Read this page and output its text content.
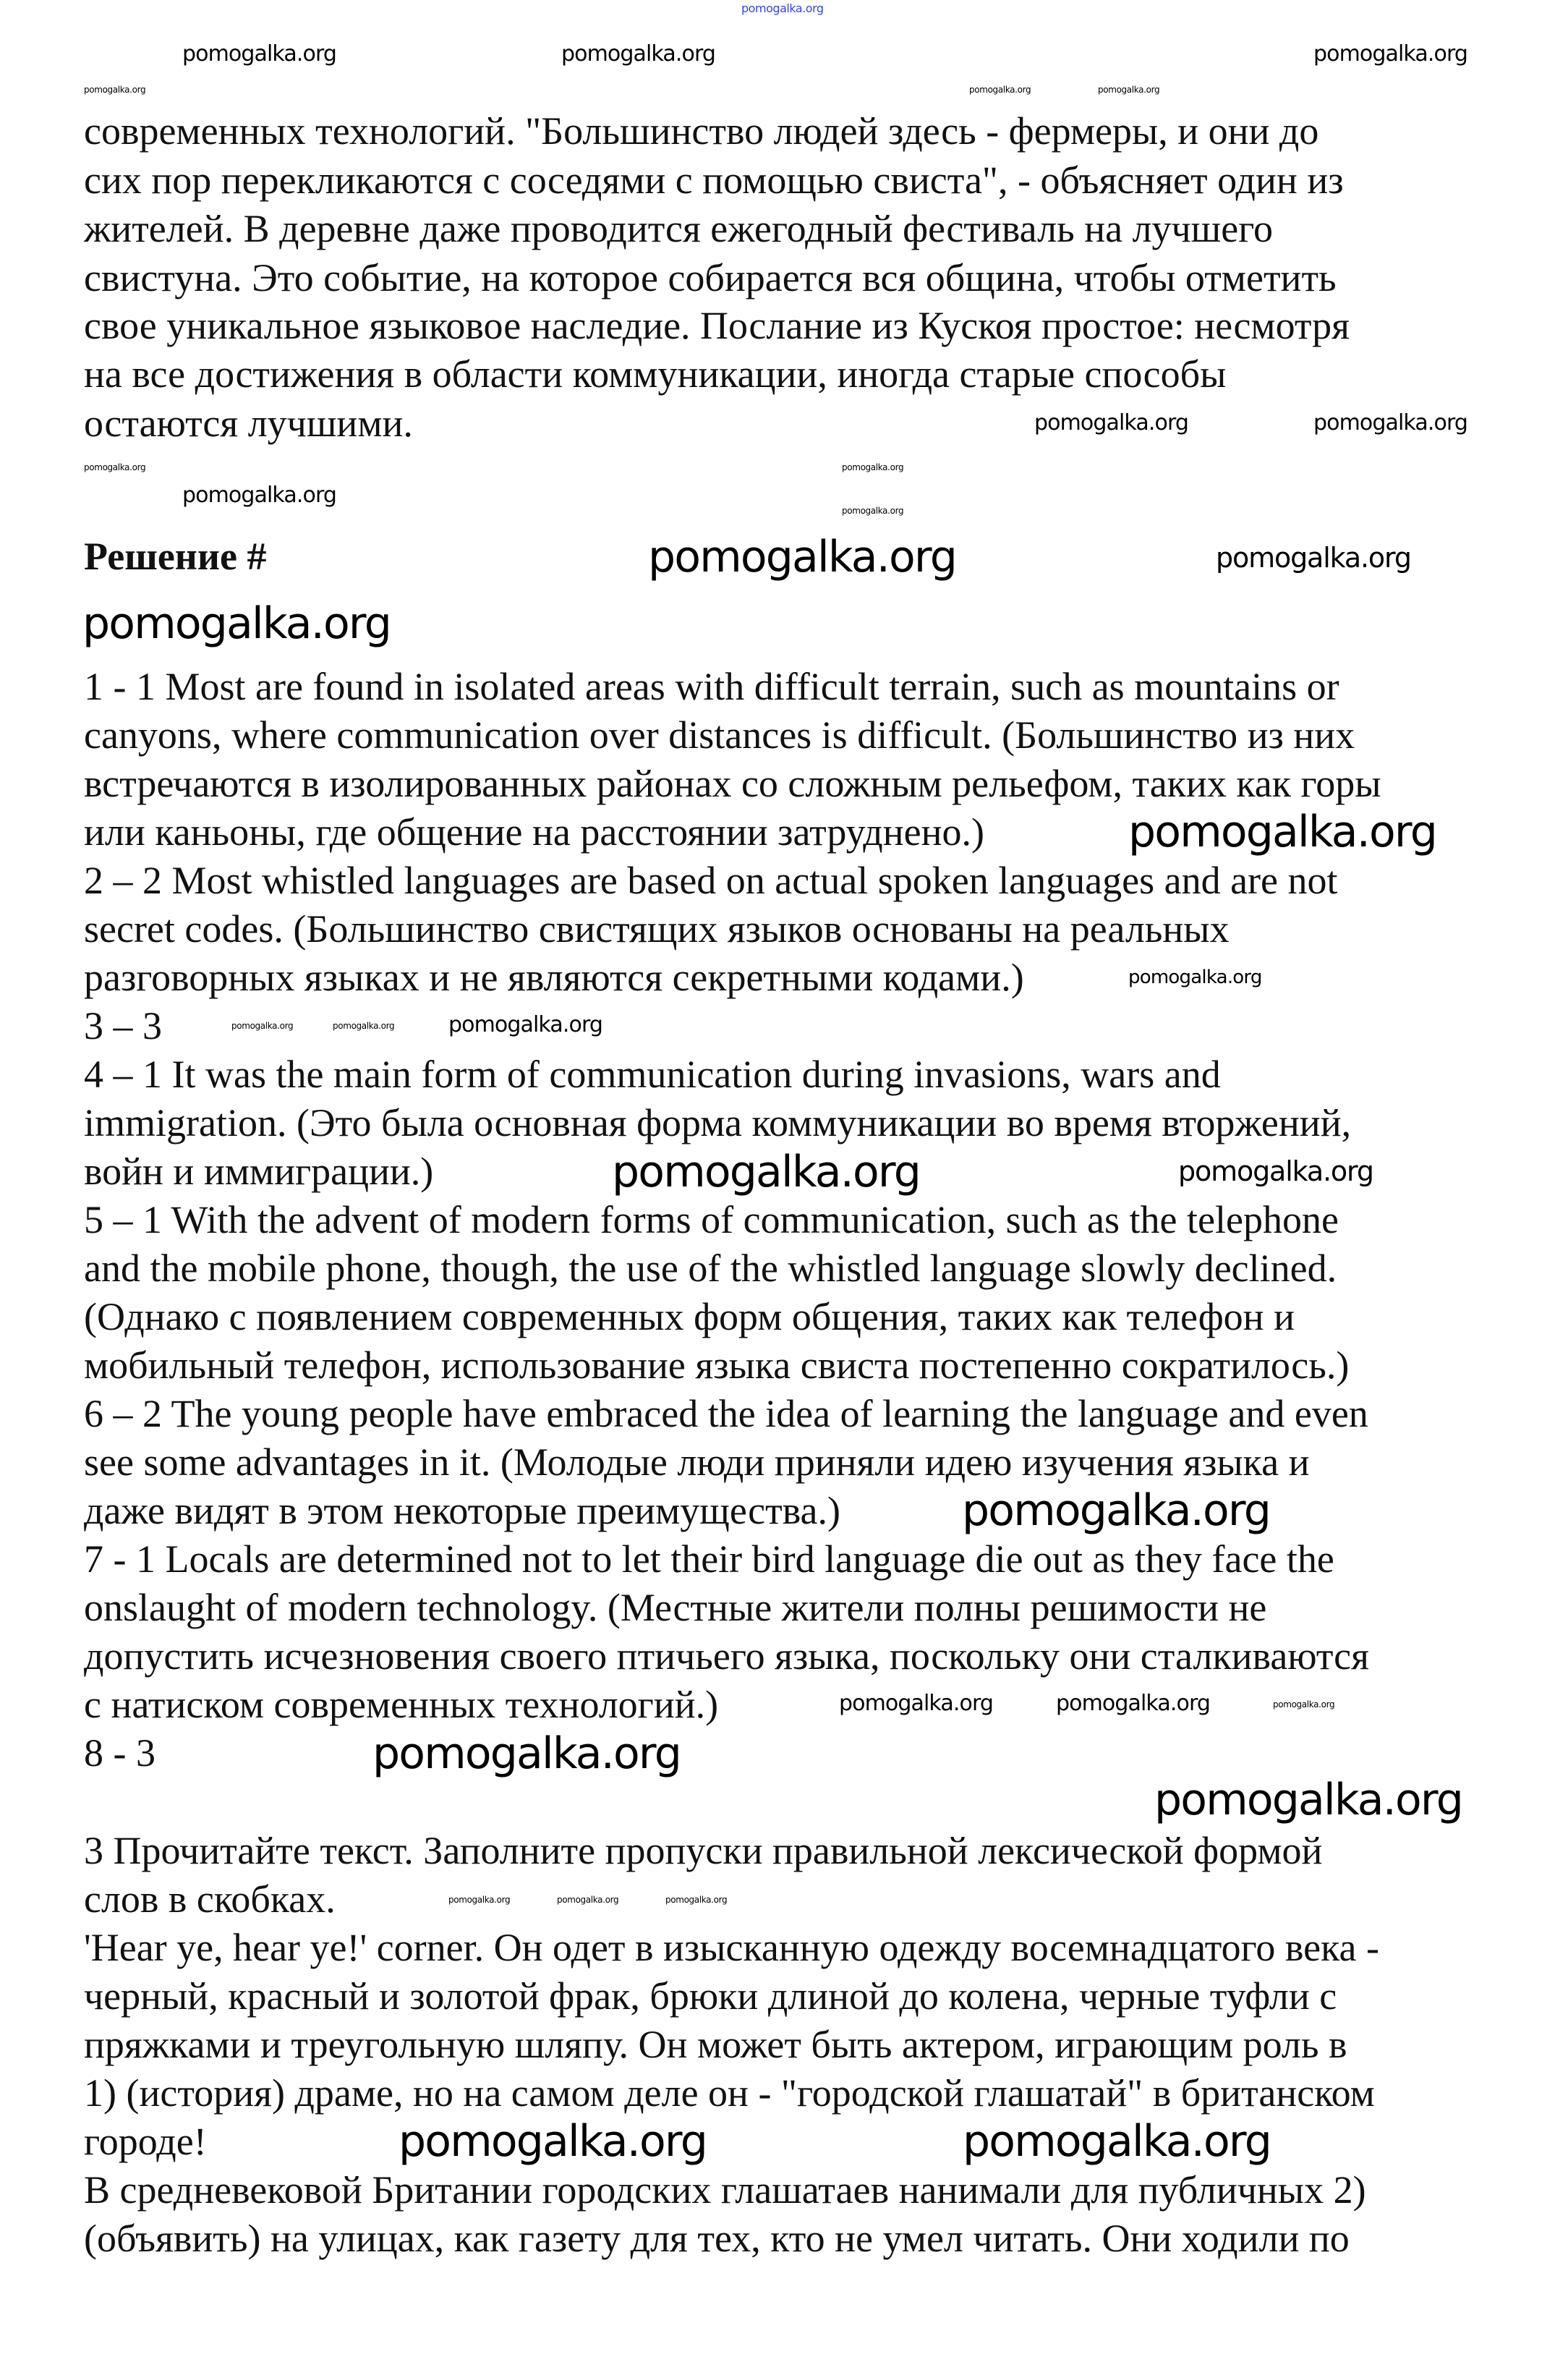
современных технологий. "Большинство людей здесь - фермеры, и они до
сих пор перекликаются с соседями с помощью свиста", - объясняет один из
жителей. В деревне даже проводится ежегодный фестиваль на лучшего
свистуна. Это событие, на которое собирается вся община, чтобы отметить
свое уникальное языковое наследие. Послание из Кускоя простое: несмотря
на все достижения в области коммуникации, иногда старые способы
остаются лучшими.
Решение #
1 - 1 Most are found in isolated areas with difficult terrain, such as mountains or
canyons, where communication over distances is difficult. (Большинство из них
встречаются в изолированных районах со сложным рельефом, таких как горы
или каньоны, где общение на расстоянии затруднено.)
2 – 2 Most whistled languages are based on actual spoken languages and are not
secret codes. (Большинство свистящих языков основаны на реальных
разговорных языках и не являются секретными кодами.)
3 – 3
4 – 1 It was the main form of communication during invasions, wars and
immigration. (Это была основная форма коммуникации во время вторжений,
войн и иммиграции.)
5 – 1 With the advent of modern forms of communication, such as the telephone
and the mobile phone, though, the use of the whistled language slowly declined.
(Однако с появлением современных форм общения, таких как телефон и
мобильный телефон, использование языка свиста постепенно сократилось.)
6 – 2 The young people have embraced the idea of learning the language and even
see some advantages in it. (Молодые люди приняли идею изучения языка и
даже видят в этом некоторые преимущества.)
7 - 1 Locals are determined not to let their bird language die out as they face the
onslaught of modern technology. (Местные жители полны решимости не
допустить исчезновения своего птичьего языка, поскольку они сталкиваются
с натиском современных технологий.)
8 - 3
3 Прочитайте текст. Заполните пропуски правильной лексической формой
слов в скобках.
'Hear ye, hear ye!' corner. Он одет в изысканную одежду восемнадцатого века -
черный, красный и золотой фрак, брюки длиной до колена, черные туфли с
пряжками и треугольную шляпу. Он может быть актером, играющим роль в
1) (история) драме, но на самом деле он - "городской глашатай" в британском
городе!
В средневековой Британии городских глашатаев нанимали для публичных 2)
(объявить) на улицах, как газету для тех, кто не умел читать. Они ходили по
pomogalka.org
pomogalka.org	pomogalka.org	pomogalka.org
pomogalka.org	pomogalka.org	pomogalka.org
pomogalka.org	pomogalka.org
pomogalka.org	pomogalka.org
pomogalka.org
pomogalka.org
pomogalka.org	pomogalka.org
pomogalka.org
pomogalka.org
pomogalka.org
pomogalka.org	pomogalka.org pomogalka.org
pomogalka.org	pomogalka.org
pomogalka.org
pomogalka.org	pomogalka.org	pomogalka.org
pomogalka.org
pomogalka.org
pomogalka.org	pomogalka.org	pomogalka.org
pomogalka.org	pomogalka.org
